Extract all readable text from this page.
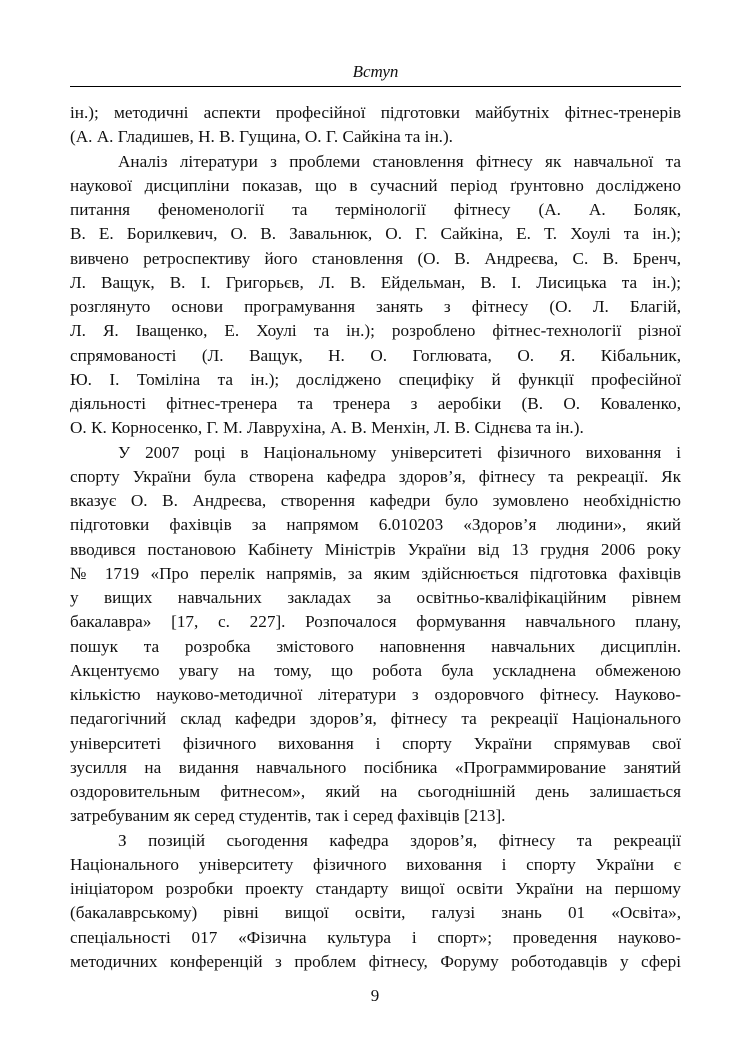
Вступ

ін.); методичні аспекти професійної підготовки майбутніх фітнес-тренерів
(А. А. Гладишев, Н. В. Гущина, О. Г. Сайкіна та ін.).

Аналіз літератури з проблеми становлення фітнесу як навчальної та
наукової дисципліни показав, що в сучасний період ґрунтовно досліджено
питання феноменології та термінології фітнесу (А. А. Боляк,
В. Е. Борилкевич, О. В. Завальнюк, О. Г. Сайкіна, Е. Т. Хоулі та ін.);
вивчено ретроспективу його становлення (О. В. Андреєва, С. В. Бренч,
Л. Ващук, В. І. Григорьєв, Л. В. Ейдельман, В. І. Лисицька та ін.);
розглянуто основи програмування занять з фітнесу (О. Л. Благій,
Л. Я. Іващенко, Е. Хоулі та ін.); розроблено фітнес-технології різної
спрямованості (Л. Ващук, Н. О. Гоглювата, О. Я. Кібальник,
Ю. І. Томіліна та ін.); досліджено специфіку й функції професійної
діяльності фітнес-тренера та тренера з аеробіки (В. О. Коваленко,
О. К. Корносенко, Г. М. Лаврухіна, А. В. Менхін, Л. В. Сіднєва та ін.).

У 2007 році в Національному університеті фізичного виховання і
спорту України була створена кафедра здоров’я, фітнесу та рекреації. Як
вказує О. В. Андреєва, створення кафедри було зумовлено необхідністю
підготовки фахівців за напрямом 6.010203 «Здоров’я людини», який
вводився постановою Кабінету Міністрів України від 13 грудня 2006 року
№ 1719 «Про перелік напрямів, за яким здійснюється підготовка фахівців
у вищих навчальних закладах за освітньо-кваліфікаційним рівнем
бакалавра» [17, с. 227]. Розпочалося формування навчального плану,
пошук та розробка змістового наповнення навчальних дисциплін.
Акцентуємо увагу на тому, що робота була ускладнена обмеженою
кількістю науково-методичної літератури з оздоровчого фітнесу. Науково-
педагогічний склад кафедри здоров’я, фітнесу та рекреації Національного
університеті фізичного виховання і спорту України спрямував свої
зусилля на видання навчального посібника «Программирование занятий
оздоровительным фитнесом», який на сьогоднішній день залишається
затребуваним як серед студентів, так і серед фахівців [213].

З позицій сьогодення кафедра здоров’я, фітнесу та рекреації
Національного університету фізичного виховання і спорту України є
ініціатором розробки проекту стандарту вищої освіти України на першому
(бакалаврському) рівні вищої освіти, галузі знань 01 «Освіта»,
спеціальності 017 «Фізична культура і спорт»; проведення науково-
методичних конференцій з проблем фітнесу, Форуму роботодавців у сфері

9
